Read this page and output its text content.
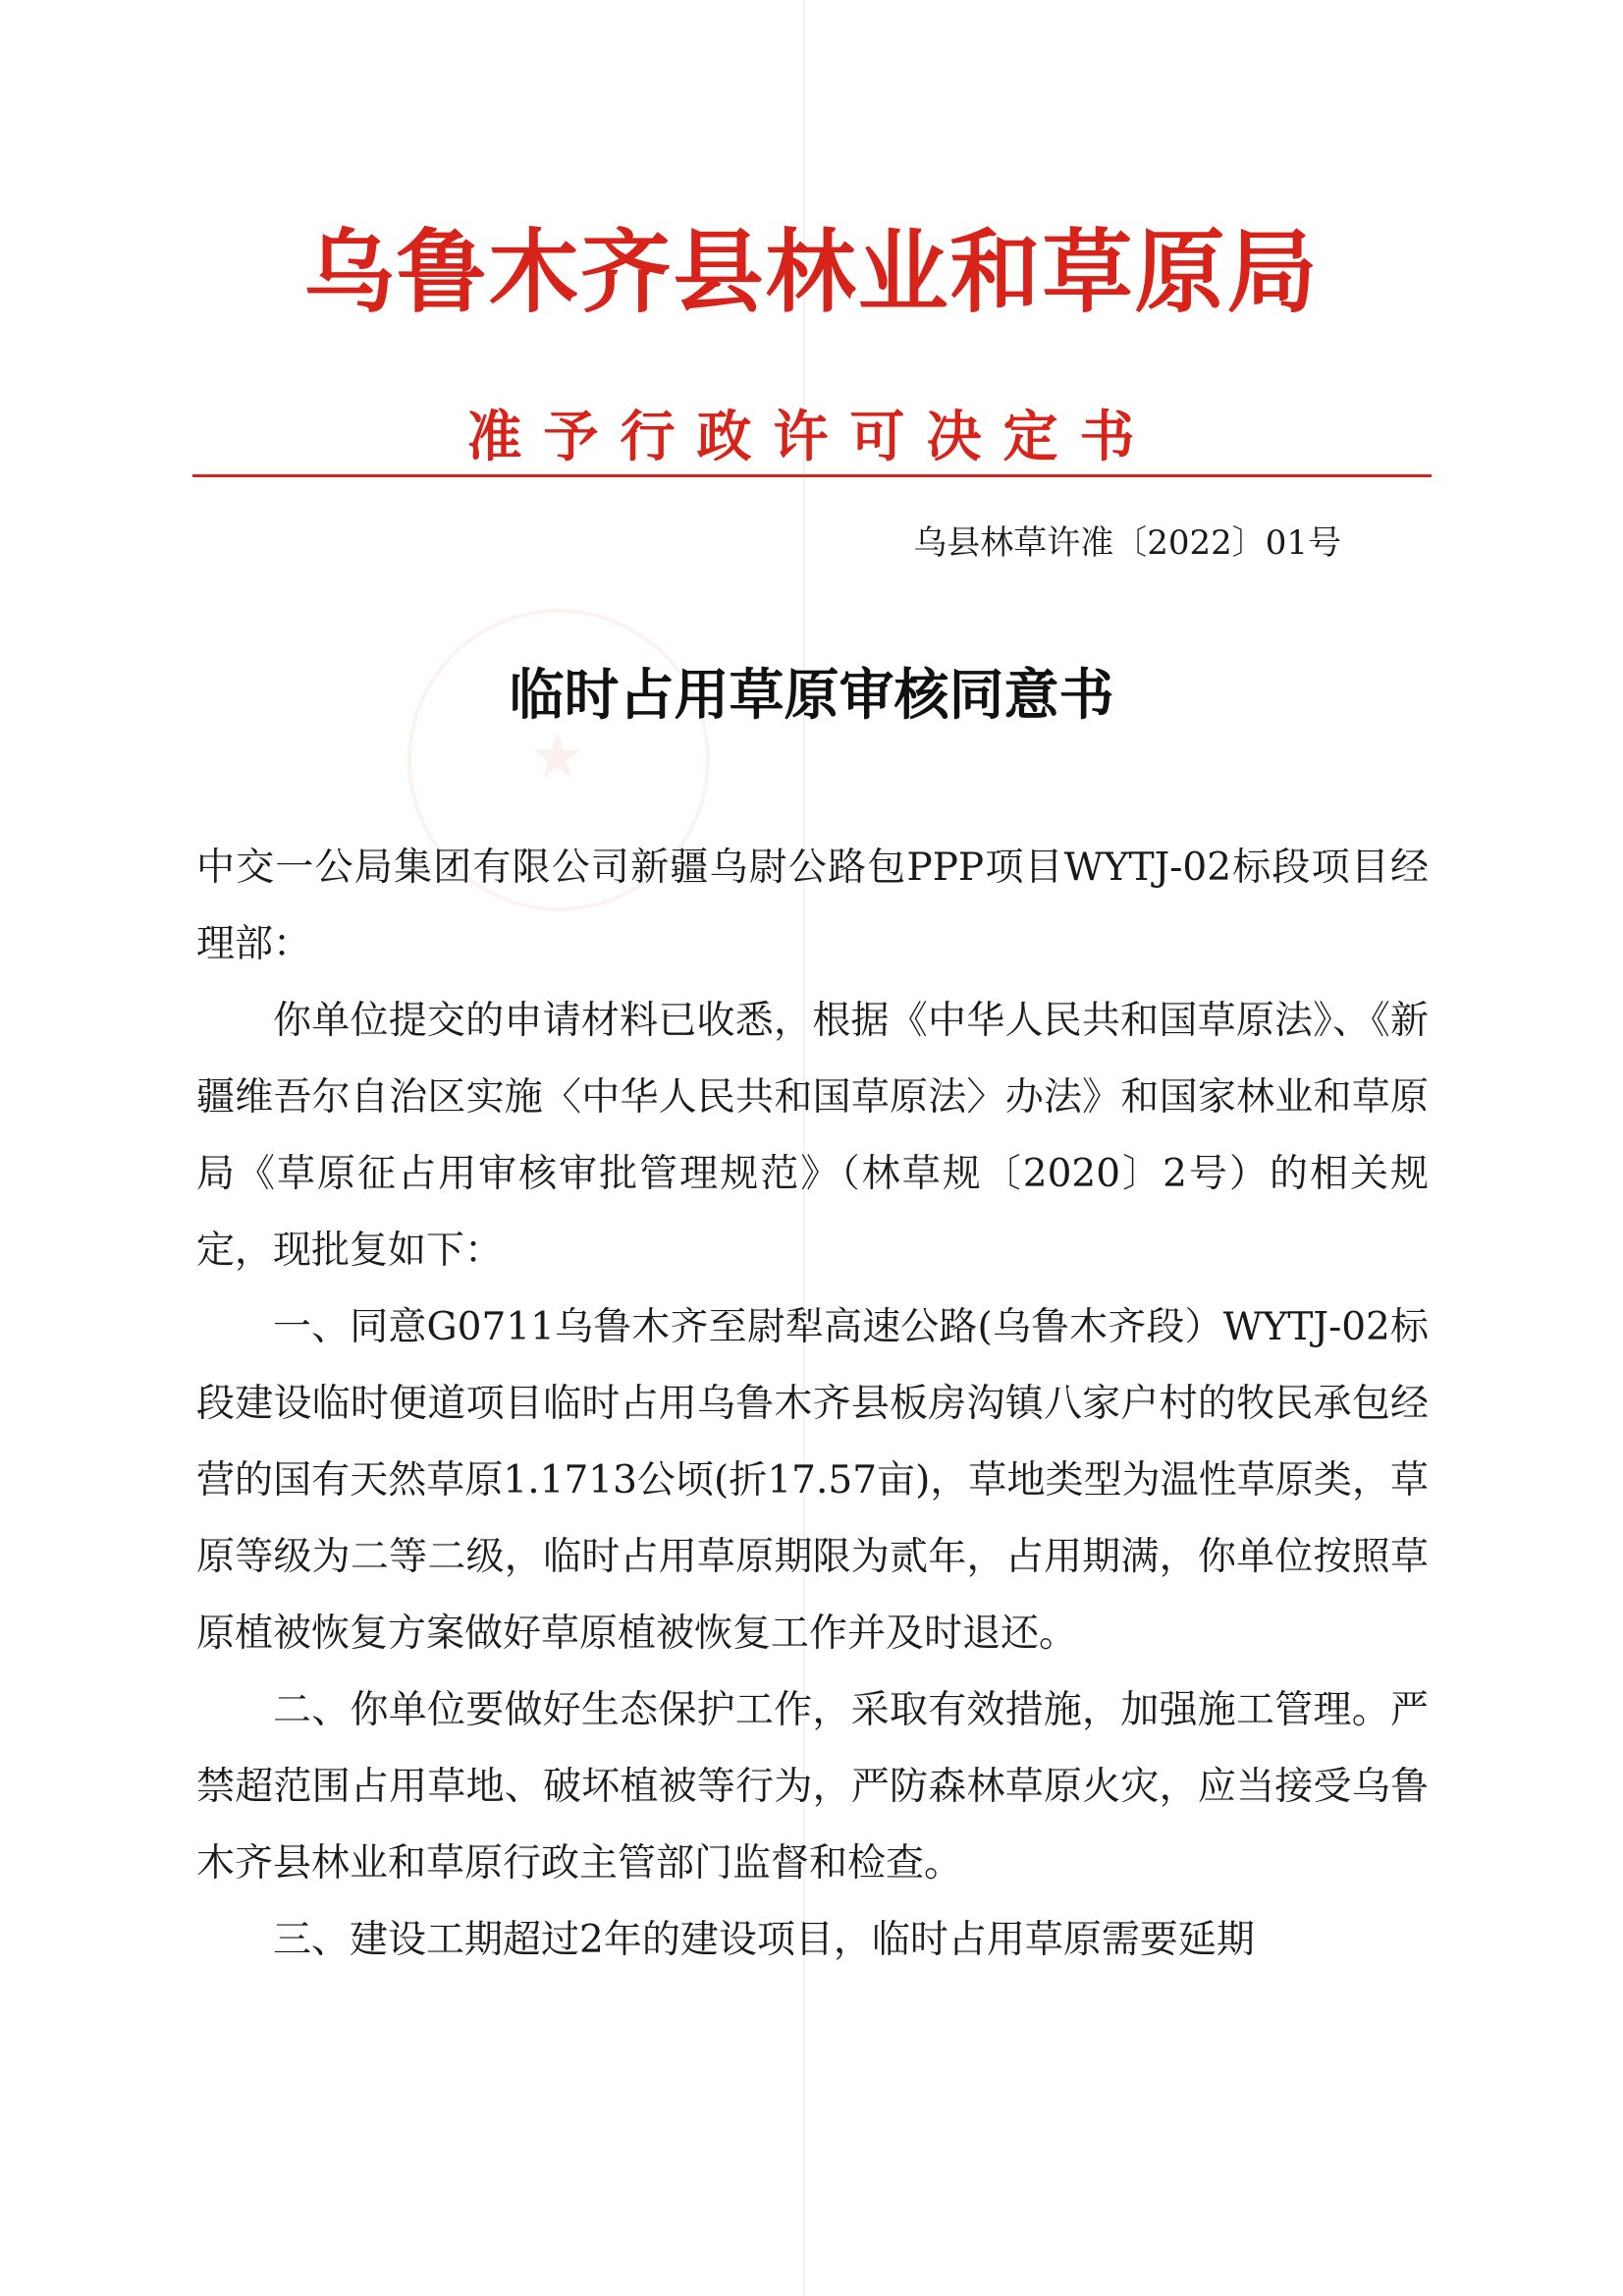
★
乌鲁木齐县林业和草原局
准予行政许可决定书
乌县林草许准〔2022〕01号
临时占用草原审核同意书

中交一公局集团有限公司新疆乌尉公路包PPP项目WYTJ-02标段项目经理部：

你单位提交的申请材料已收悉，根据《中华人民共和国草原法》、《新疆维吾尔自治区实施〈中华人民共和国草原法〉办法》和国家林业和草原局《草原征占用审核审批管理规范》（林草规〔2020〕2号）的相关规定，现批复如下：

一、同意G0711乌鲁木齐至尉犁高速公路(乌鲁木齐段）WYTJ-02标段建设临时便道项目临时占用乌鲁木齐县板房沟镇八家户村的牧民承包经营的国有天然草原1.1713公顷(折17.57亩)，草地类型为温性草原类，草原等级为二等二级，临时占用草原期限为贰年，占用期满，你单位按照草原植被恢复方案做好草原植被恢复工作并及时退还。

二、你单位要做好生态保护工作，采取有效措施，加强施工管理。严禁超范围占用草地、破坏植被等行为，严防森林草原火灾，应当接受乌鲁木齐县林业和草原行政主管部门监督和检查。

三、建设工期超过2年的建设项目，临时占用草原需要延期
